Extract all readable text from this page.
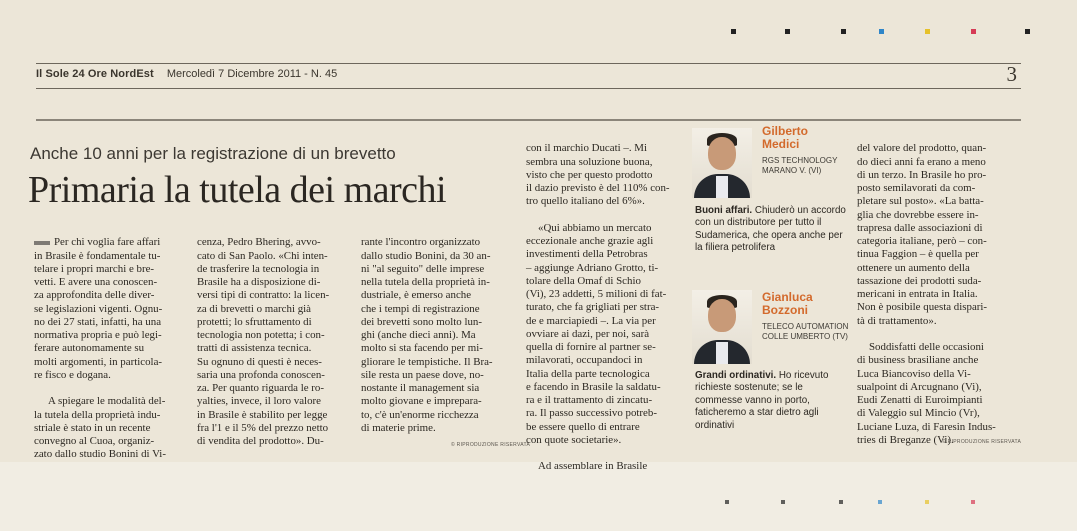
Il Sole 24 Ore NordEst Mercoledì 7 Dicembre 2011 - N. 45	3
Anche 10 anni per la registrazione di un brevetto
Primaria la tutela dei marchi

Per chi voglia fare affari
in Brasile è fondamentale tu-
telare i propri marchi e bre-
vetti. E avere una conoscen-
za approfondita delle diver-
se legislazioni vigenti. Ognu-
no dei 27 stati, infatti, ha una
normativa propria e può legi-
ferare autonomamente su
molti argomenti, in particola-
re fisco e dogana.

A spiegare le modalità del-
la tutela della proprietà indu-
striale è stato in un recente
convegno al Cuoa, organiz-
zato dallo studio Bonini di Vi-

cenza, Pedro Bhering, avvo-
cato di San Paolo. «Chi inten-
de trasferire la tecnologia in
Brasile ha a disposizione di-
versi tipi di contratto: la licen-
za di brevetti o marchi già
protetti; lo sfruttamento di
tecnologia non potetta; i con-
tratti di assistenza tecnica.
Su ognuno di questi è neces-
saria una profonda conoscen-
za. Per quanto riguarda le ro-
yalties, invece, il loro valore
in Brasile è stabilito per legge
fra l'1 e il 5% del prezzo netto
di vendita del prodotto». Du-

rante l'incontro organizzato
dallo studio Bonini, da 30 an-
ni "al seguito" delle imprese
nella tutela della proprietà in-
dustriale, è emerso anche
che i tempi di registrazione
dei brevetti sono molto lun-
ghi (anche dieci anni). Ma
molto si sta facendo per mi-
gliorare le tempistiche. Il Bra-
sile resta un paese dove, no-
nostante il management sia
molto giovane e imprepara-
to, c'è un'enorme ricchezza
di materie prime.

© RIPRODUZIONE RISERVATA

con il marchio Ducati –. Mi
sembra una soluzione buona,
visto che per questo prodotto
il dazio previsto è del 110% con-
tro quello italiano del 6%».

«Qui abbiamo un mercato
eccezionale anche grazie agli
investimenti della Petrobras
– aggiunge Adriano Grotto, ti-
tolare della Omaf di Schio
(Vi), 23 addetti, 5 milioni di fat-
turato, che fa grigliati per stra-
de e marciapiedi –. La via per
ovviare ai dazi, per noi, sarà
quella di fornire al partner se-
milavorati, occupandoci in
Italia della parte tecnologica
e facendo in Brasile la saldatu-
ra e il trattamento di zincatu-
ra. Il passo successivo potreb-
be essere quello di entrare
con quote societarie».

Ad assemblare in Brasile

Gilberto
Medici
RGS TECHNOLOGY
MARANO V. (VI)
Buoni affari. Chiuderò un accordo con un distributore per tutto il Sudamerica, che opera anche per la filiera petrolifera
Gianluca
Bozzoni
TELECO AUTOMATION
COLLE UMBERTO (TV)
Grandi ordinativi. Ho ricevuto richieste sostenute; se le commesse vanno in porto, faticheremo a star dietro agli ordinativi

del valore del prodotto, quan-
do dieci anni fa erano a meno
di un terzo. In Brasile ho pro-
posto semilavorati da com-
pletare sul posto». «La batta-
glia che dovrebbe essere in-
trapresa dalle associazioni di
categoria italiane, però – con-
tinua Faggion – è quella per
ottenere un aumento della
tassazione dei prodotti suda-
mericani in entrata in Italia.
Non è posibile questa dispari-
tà di trattamento».

Soddisfatti delle occasioni
di business brasiliane anche
Luca Biancoviso della Vi-
sualpoint di Arcugnano (Vi),
Eudi Zenatti di Euroimpianti
di Valeggio sul Mincio (Vr),
Luciane Luza, di Faresin Indus-
tries di Breganze (Vi).

© RIPRODUZIONE RISERVATA
